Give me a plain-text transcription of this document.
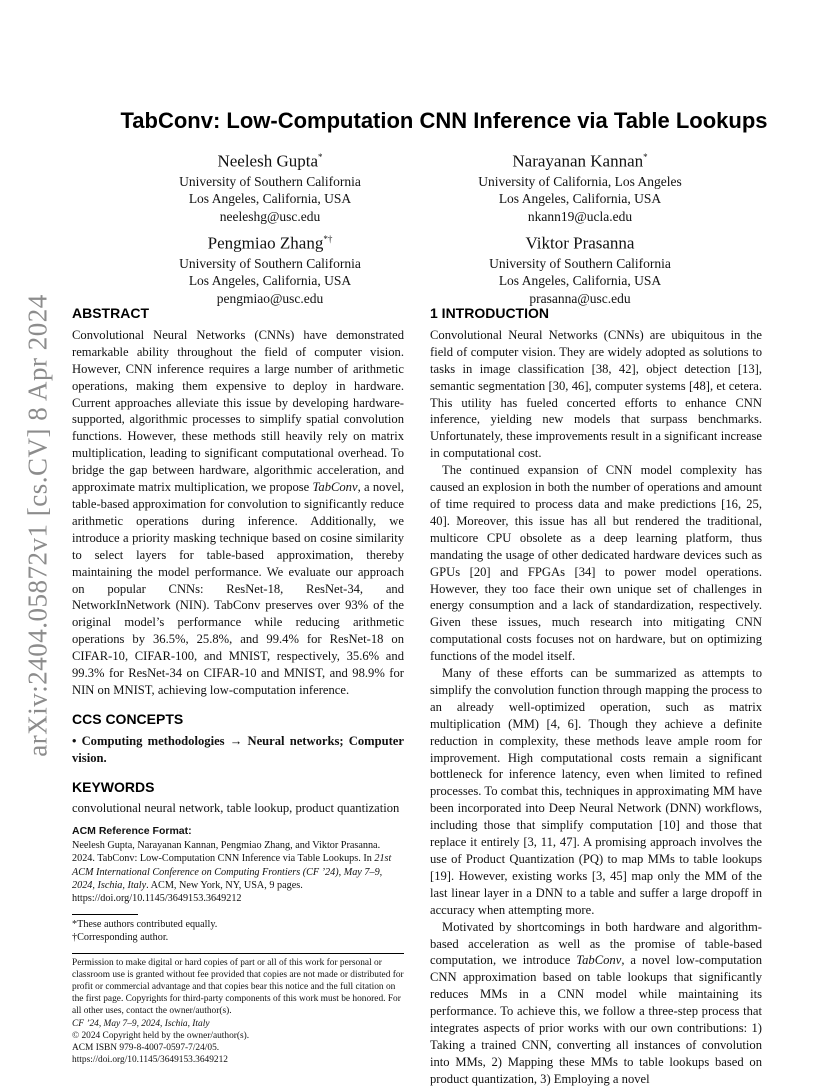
arXiv:2404.05872v1 [cs.CV] 8 Apr 2024
TabConv: Low-Computation CNN Inference via Table Lookups
Neelesh Gupta*
University of Southern California
Los Angeles, California, USA
neeleshg@usc.edu
Narayanan Kannan*
University of California, Los Angeles
Los Angeles, California, USA
nkann19@ucla.edu
Pengmiao Zhang*†
University of Southern California
Los Angeles, California, USA
pengmiao@usc.edu
Viktor Prasanna
University of Southern California
Los Angeles, California, USA
prasanna@usc.edu
ABSTRACT

Convolutional Neural Networks (CNNs) have demonstrated remarkable ability throughout the field of computer vision. However, CNN inference requires a large number of arithmetic operations, making them expensive to deploy in hardware. Current approaches alleviate this issue by developing hardware-supported, algorithmic processes to simplify spatial convolution functions. However, these methods still heavily rely on matrix multiplication, leading to significant computational overhead. To bridge the gap between hardware, algorithmic acceleration, and approximate matrix multiplication, we propose TabConv, a novel, table-based approximation for convolution to significantly reduce arithmetic operations during inference. Additionally, we introduce a priority masking technique based on cosine similarity to select layers for table-based approximation, thereby maintaining the model performance. We evaluate our approach on popular CNNs: ResNet-18, ResNet-34, and NetworkInNetwork (NIN). TabConv preserves over 93% of the original model’s performance while reducing arithmetic operations by 36.5%, 25.8%, and 99.4% for ResNet-18 on CIFAR-10, CIFAR-100, and MNIST, respectively, 35.6% and 99.3% for ResNet-34 on CIFAR-10 and MNIST, and 98.9% for NIN on MNIST, achieving low-computation inference.

CCS CONCEPTS

• Computing methodologies → Neural networks; Computer vision.

KEYWORDS

convolutional neural network, table lookup, product quantization

ACM Reference Format:

Neelesh Gupta, Narayanan Kannan, Pengmiao Zhang, and Viktor Prasanna. 2024. TabConv: Low-Computation CNN Inference via Table Lookups. In 21st ACM International Conference on Computing Frontiers (CF ’24), May 7–9, 2024, Ischia, Italy. ACM, New York, NY, USA, 9 pages. https://doi.org/10.1145/3649153.3649212

*These authors contributed equally.

†Corresponding author.

Permission to make digital or hard copies of part or all of this work for personal or classroom use is granted without fee provided that copies are not made or distributed for profit or commercial advantage and that copies bear this notice and the full citation on the first page. Copyrights for third-party components of this work must be honored. For all other uses, contact the owner/author(s).

CF ’24, May 7–9, 2024, Ischia, Italy

© 2024 Copyright held by the owner/author(s).

ACM ISBN 979-8-4007-0597-7/24/05.

https://doi.org/10.1145/3649153.3649212

1 INTRODUCTION

Convolutional Neural Networks (CNNs) are ubiquitous in the field of computer vision. They are widely adopted as solutions to tasks in image classification [38, 42], object detection [13], semantic segmentation [30, 46], computer systems [48], et cetera. This utility has fueled concerted efforts to enhance CNN inference, yielding new models that surpass benchmarks. Unfortunately, these improvements result in a significant increase in computational cost.

The continued expansion of CNN model complexity has caused an explosion in both the number of operations and amount of time required to process data and make predictions [16, 25, 40]. Moreover, this issue has all but rendered the traditional, multicore CPU obsolete as a deep learning platform, thus mandating the usage of other dedicated hardware devices such as GPUs [20] and FPGAs [34] to power model operations. However, they too face their own unique set of challenges in energy consumption and a lack of standardization, respectively. Given these issues, much research into mitigating CNN computational costs focuses not on hardware, but on optimizing functions of the model itself.

Many of these efforts can be summarized as attempts to simplify the convolution function through mapping the process to an already well-optimized operation, such as matrix multiplication (MM) [4, 6]. Though they achieve a definite reduction in complexity, these methods leave ample room for improvement. High computational costs remain a significant bottleneck for inference latency, even when limited to refined processes. To combat this, techniques in approximating MM have been incorporated into Deep Neural Network (DNN) workflows, including those that simplify computation [10] and those that replace it entirely [3, 11, 47]. A promising approach involves the use of Product Quantization (PQ) to map MMs to table lookups [19]. However, existing works [3, 45] map only the MM of the last linear layer in a DNN to a table and suffer a large dropoff in accuracy when attempting more.

Motivated by shortcomings in both hardware and algorithm-based acceleration as well as the promise of table-based computation, we introduce TabConv, a novel low-computation CNN approximation based on table lookups that significantly reduces MMs in a CNN model while maintaining its performance. To achieve this, we follow a three-step process that integrates aspects of prior works with our own contributions: 1) Taking a trained CNN, converting all instances of convolution into MMs, 2) Mapping these MMs to table lookups based on product quantization, 3) Employing a novel
